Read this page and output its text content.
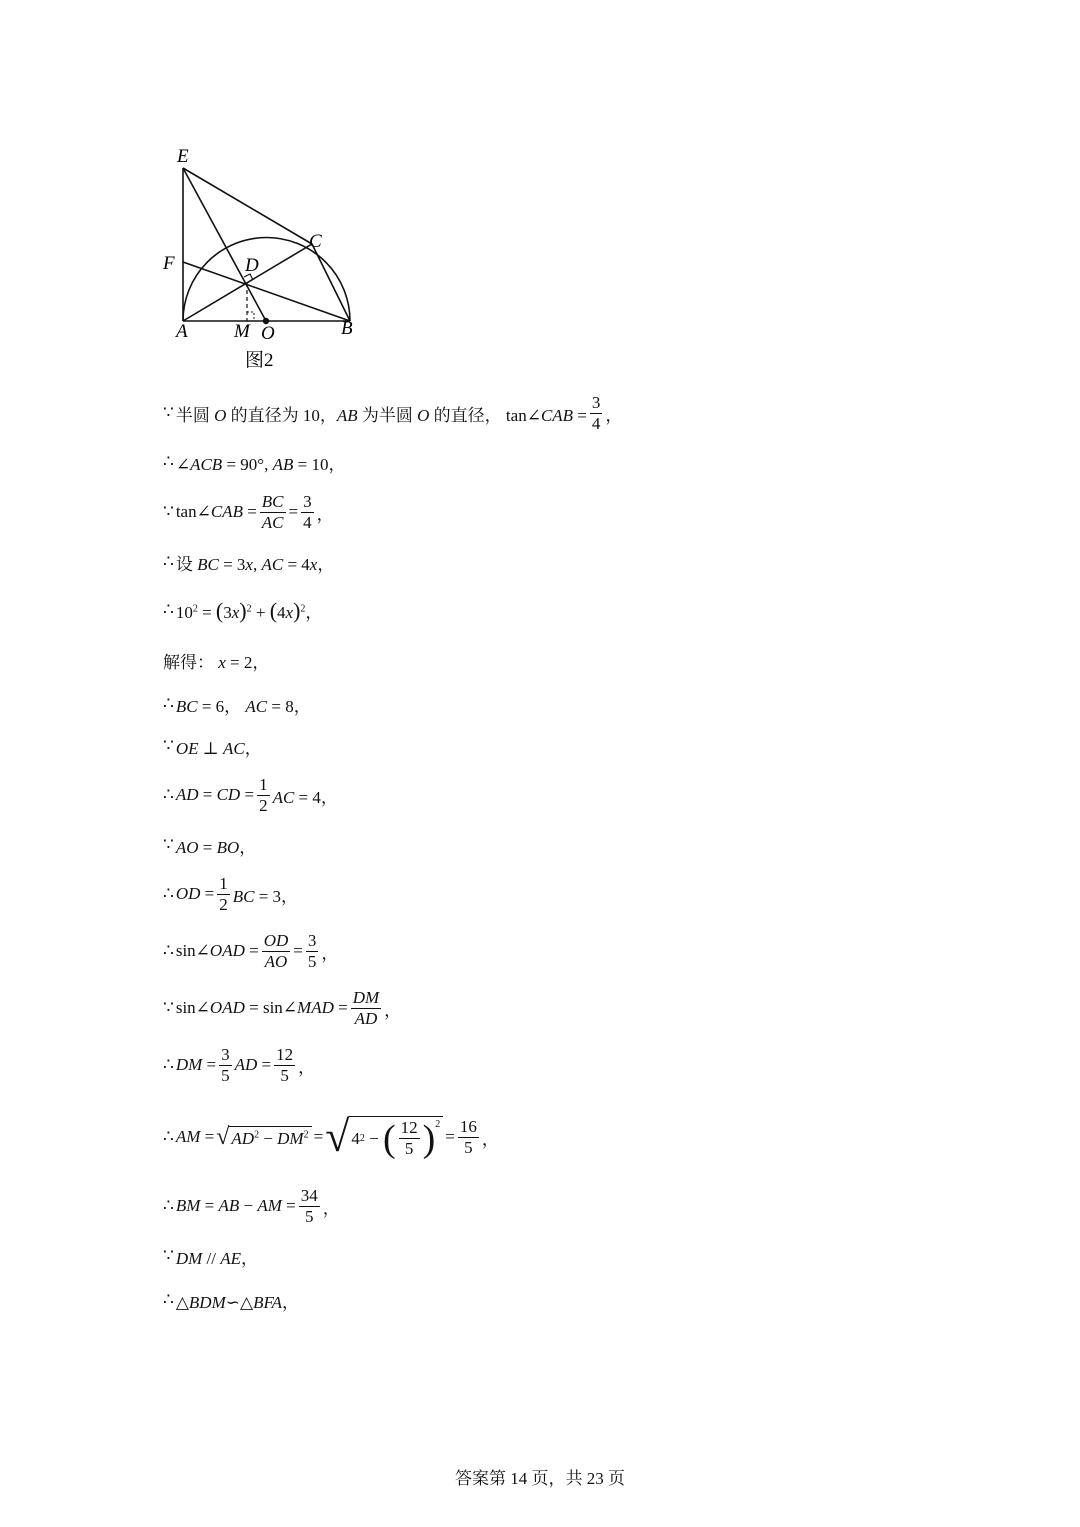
E
F
C
D
A M O	B
图2
∵ 半圆 O 的直径为 10，AB 为半圆 O 的直径， tan∠CAB = $\frac{3}{4}$ ，
∴ ∠ACB = 90°, AB = 10，
∵ tan∠CAB = $\frac{BC}{AC} = \frac{3}{4}$ ，
∴ 设 BC = 3x, AC = 4x，
∴ $10^2 = (3x)^2 + (4x)^2$，
解得： x = 2，
∴ BC = 6， AC = 8，
∵ OE ⊥ AC，
∴ AD = CD = $\frac{1}{2}$ AC = 4，
∵ AO = BO，
∴ OD = $\frac{1}{2}$ BC = 3，
∴ sin∠OAD = $\frac{OD}{AO} = \frac{3}{5}$ ，
∵ sin∠OAD = sin∠MAD = $\frac{DM}{AD}$ ，
∴ DM = $\frac{3}{5}$ AD = $\frac{12}{5}$ ，
∴ AM = √ $AD^2 - DM^2$ = √ 4 2 − ( $\frac{12}{5} )^2$
= $\frac{16}{5}$ ，
∴ BM = AB − AM = $\frac{34}{5}$ ，
∵ DM // AE，
∴ △BDM∽△BFA，
答案第 14 页，共 23 页
